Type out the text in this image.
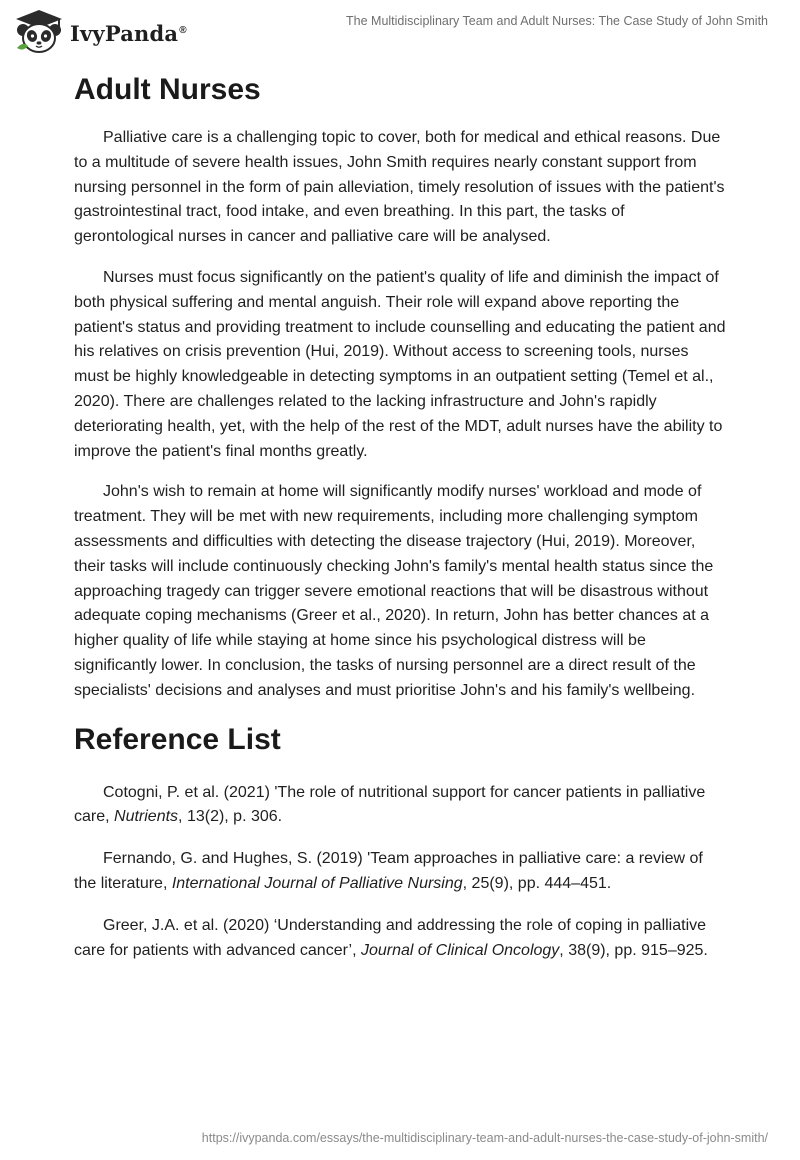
IvyPanda®
The Multidisciplinary Team and Adult Nurses: The Case Study of John Smith
Adult Nurses

Palliative care is a challenging topic to cover, both for medical and ethical reasons. Due to a multitude of severe health issues, John Smith requires nearly constant support from nursing personnel in the form of pain alleviation, timely resolution of issues with the patient's gastrointestinal tract, food intake, and even breathing. In this part, the tasks of gerontological nurses in cancer and palliative care will be analysed.

Nurses must focus significantly on the patient's quality of life and diminish the impact of both physical suffering and mental anguish. Their role will expand above reporting the patient's status and providing treatment to include counselling and educating the patient and his relatives on crisis prevention (Hui, 2019). Without access to screening tools, nurses must be highly knowledgeable in detecting symptoms in an outpatient setting (Temel et al., 2020). There are challenges related to the lacking infrastructure and John's rapidly deteriorating health, yet, with the help of the rest of the MDT, adult nurses have the ability to improve the patient's final months greatly.

John's wish to remain at home will significantly modify nurses' workload and mode of treatment. They will be met with new requirements, including more challenging symptom assessments and difficulties with detecting the disease trajectory (Hui, 2019). Moreover, their tasks will include continuously checking John's family's mental health status since the approaching tragedy can trigger severe emotional reactions that will be disastrous without adequate coping mechanisms (Greer et al., 2020). In return, John has better chances at a higher quality of life while staying at home since his psychological distress will be significantly lower. In conclusion, the tasks of nursing personnel are a direct result of the specialists' decisions and analyses and must prioritise John's and his family's wellbeing.

Reference List

Cotogni, P. et al. (2021) 'The role of nutritional support for cancer patients in palliative care, Nutrients, 13(2), p. 306.

Fernando, G. and Hughes, S. (2019) 'Team approaches in palliative care: a review of the literature, International Journal of Palliative Nursing, 25(9), pp. 444–451.

Greer, J.A. et al. (2020) ‘Understanding and addressing the role of coping in palliative care for patients with advanced cancer’, Journal of Clinical Oncology, 38(9), pp. 915–925.

https://ivypanda.com/essays/the-multidisciplinary-team-and-adult-nurses-the-case-study-of-john-smith/
